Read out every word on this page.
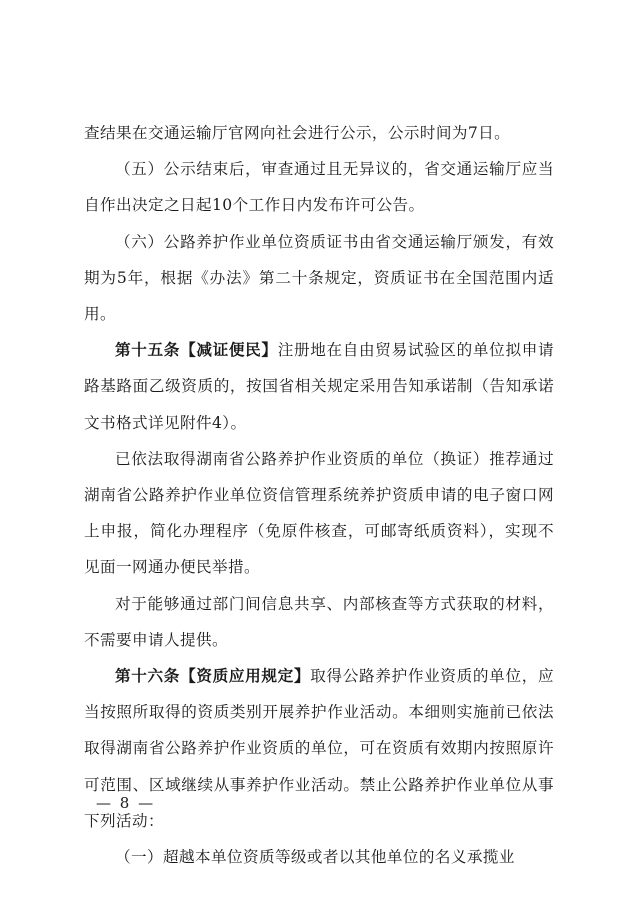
查结果在交通运输厅官网向社会进行公示，公示时间为7日。

（五）公示结束后，审查通过且无异议的，省交通运输厅应当自作出决定之日起10个工作日内发布许可公告。

（六）公路养护作业单位资质证书由省交通运输厅颁发，有效期为5年，根据《办法》第二十条规定，资质证书在全国范围内适用。

第十五条【减证便民】注册地在自由贸易试验区的单位拟申请路基路面乙级资质的，按国省相关规定采用告知承诺制（告知承诺文书格式详见附件4）。

已依法取得湖南省公路养护作业资质的单位（换证）推荐通过湖南省公路养护作业单位资信管理系统养护资质申请的电子窗口网上申报，简化办理程序（免原件核查，可邮寄纸质资料），实现不见面一网通办便民举措。

对于能够通过部门间信息共享、内部核查等方式获取的材料，不需要申请人提供。

第十六条【资质应用规定】取得公路养护作业资质的单位，应当按照所取得的资质类别开展养护作业活动。本细则实施前已依法取得湖南省公路养护作业资质的单位，可在资质有效期内按照原许可范围、区域继续从事养护作业活动。禁止公路养护作业单位从事下列活动：

（一）超越本单位资质等级或者以其他单位的名义承揽业

— 8 —
